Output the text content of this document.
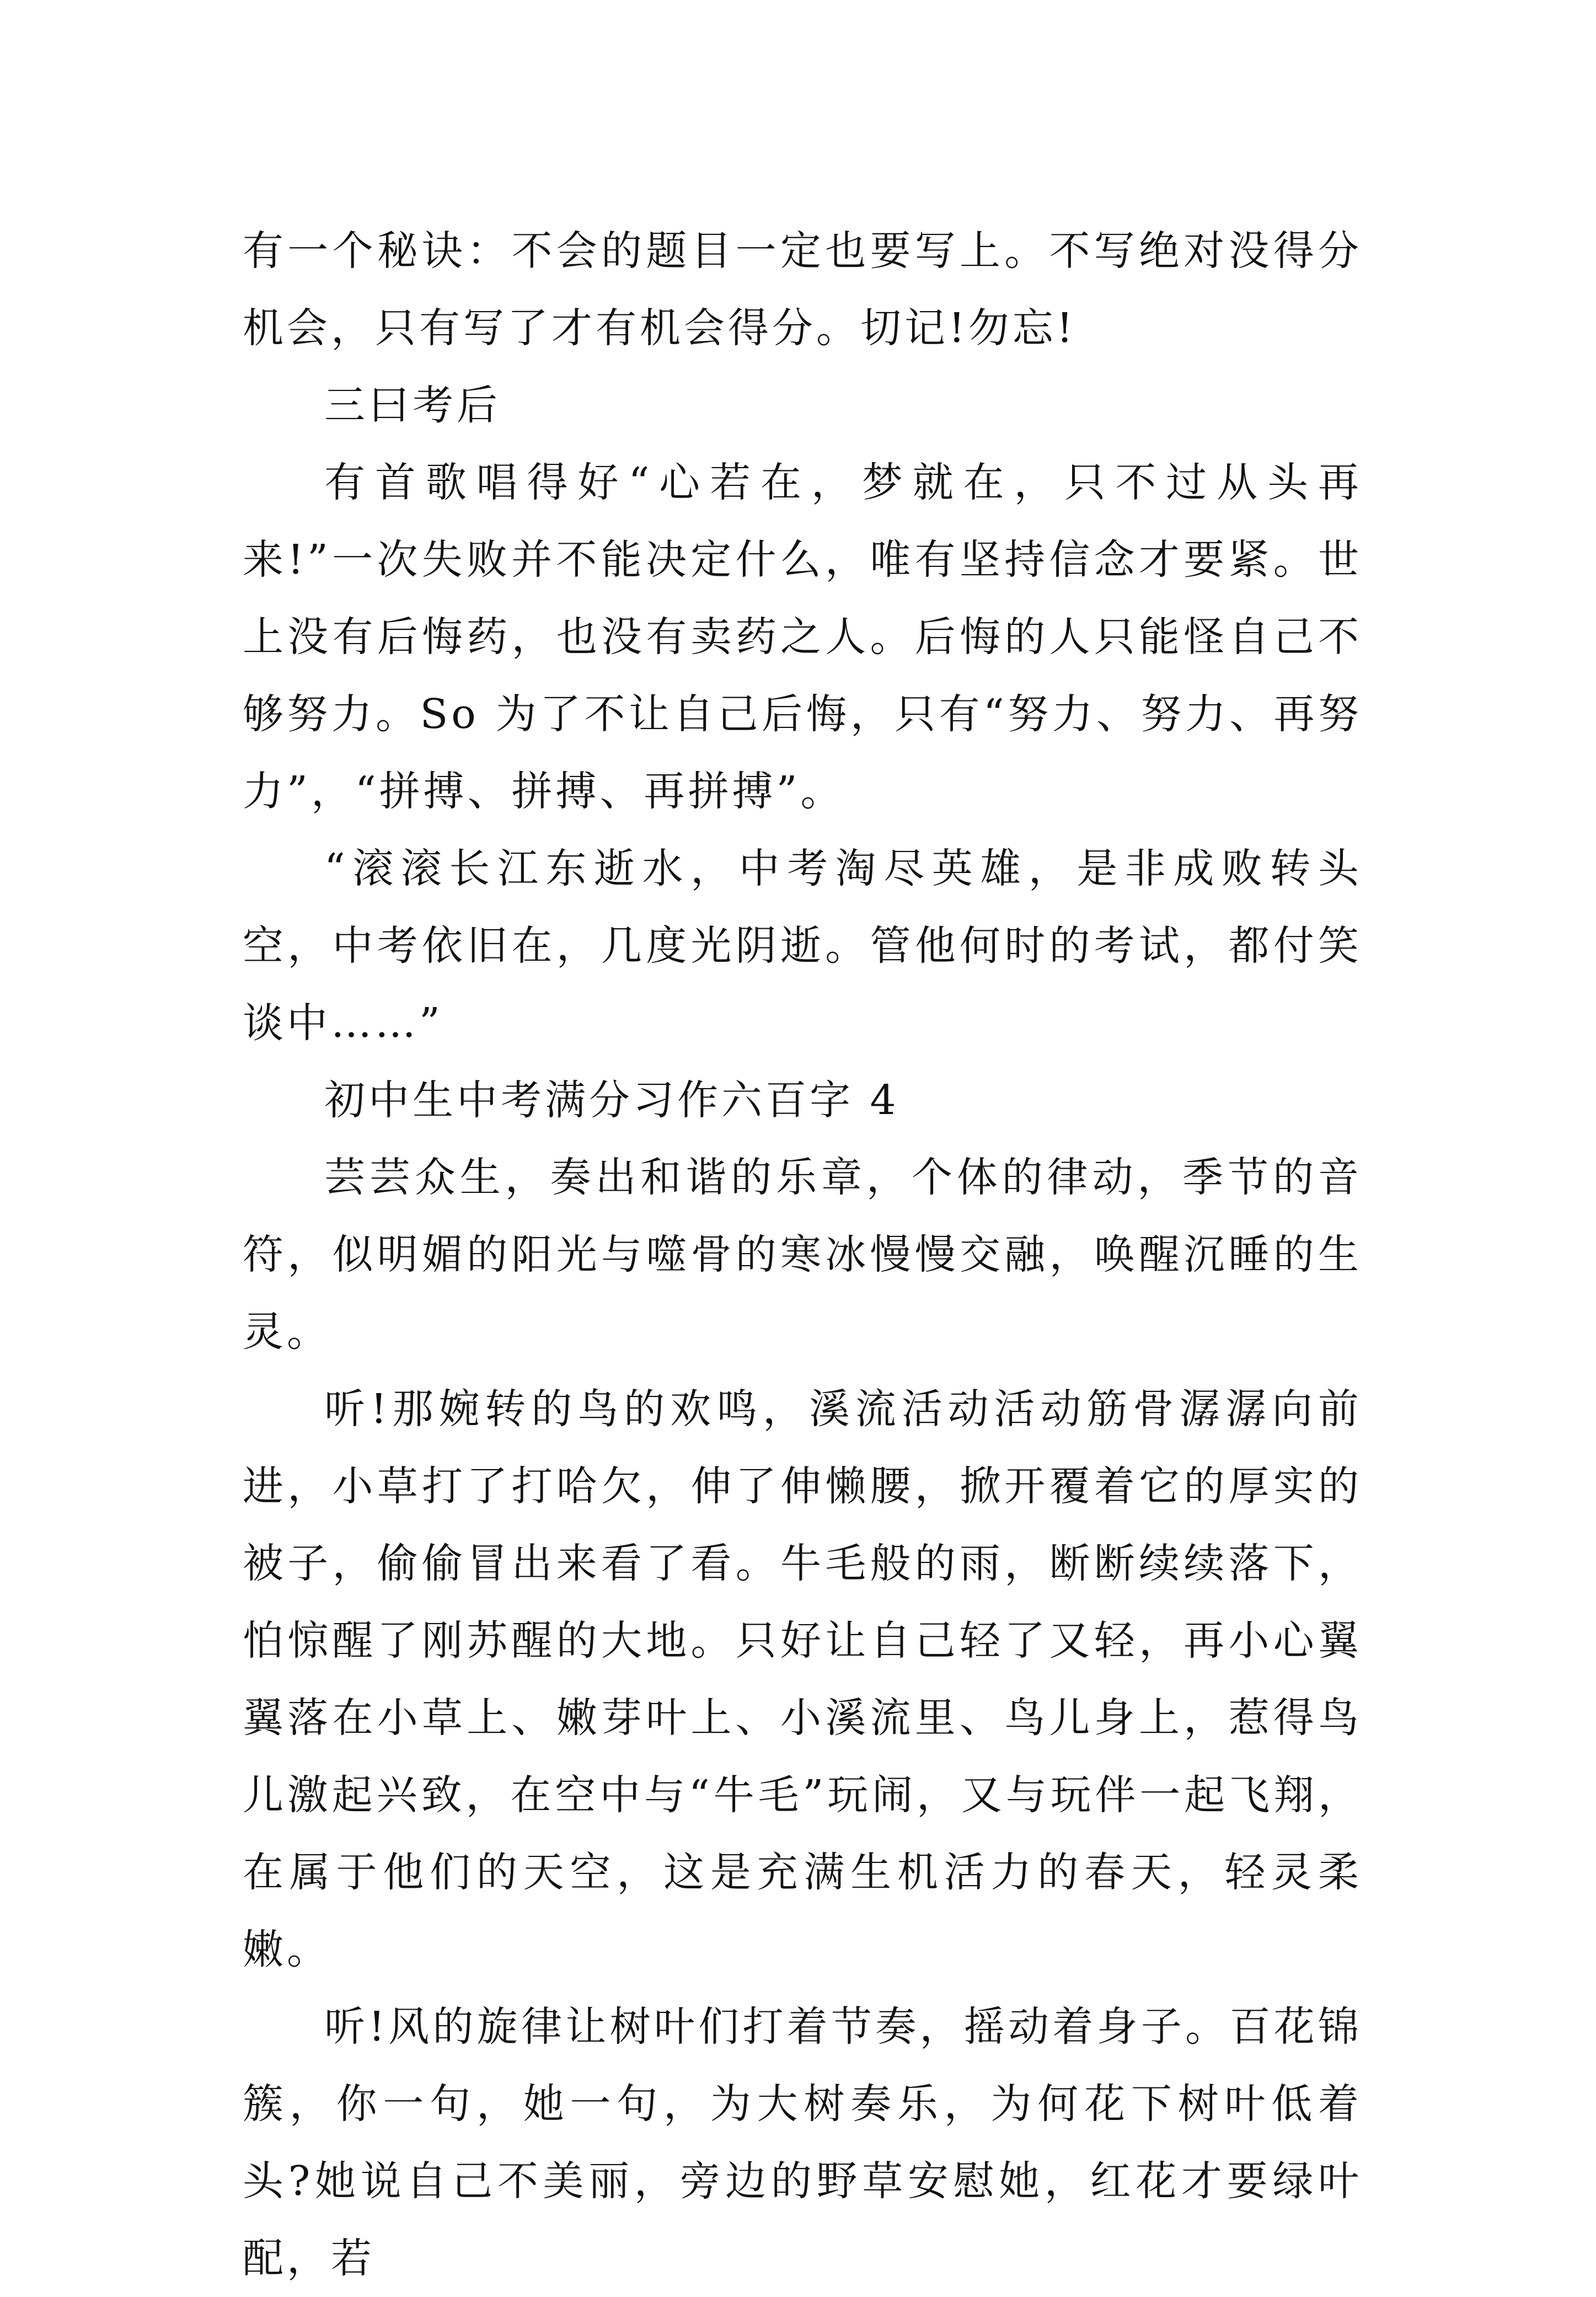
有一个秘诀：不会的题目一定也要写上。不写绝对没得分机会，只有写了才有机会得分。切记!勿忘!

三曰考后

有首歌唱得好“心若在，梦就在，只不过从头再来!”一次失败并不能决定什么，唯有坚持信念才要紧。世上没有后悔药，也没有卖药之人。后悔的人只能怪自己不够努力。So 为了不让自己后悔，只有“努力、努力、再努力”，“拼搏、拼搏、再拼搏”。

“滚滚长江东逝水，中考淘尽英雄，是非成败转头空，中考依旧在，几度光阴逝。管他何时的考试，都付笑谈中……”

初中生中考满分习作六百字 4

芸芸众生，奏出和谐的乐章，个体的律动，季节的音符，似明媚的阳光与噬骨的寒冰慢慢交融，唤醒沉睡的生灵。

听!那婉转的鸟的欢鸣，溪流活动活动筋骨潺潺向前进，小草打了打哈欠，伸了伸懒腰，掀开覆着它的厚实的被子，偷偷冒出来看了看。牛毛般的雨，断断续续落下，怕惊醒了刚苏醒的大地。只好让自己轻了又轻，再小心翼翼落在小草上、嫩芽叶上、小溪流里、鸟儿身上，惹得鸟儿激起兴致，在空中与“牛毛”玩闹，又与玩伴一起飞翔，在属于他们的天空，这是充满生机活力的春天，轻灵柔嫩。

听!风的旋律让树叶们打着节奏，摇动着身子。百花锦簇，你一句，她一句，为大树奏乐，为何花下树叶低着头?她说自己不美丽，旁边的野草安慰她，红花才要绿叶配，若
